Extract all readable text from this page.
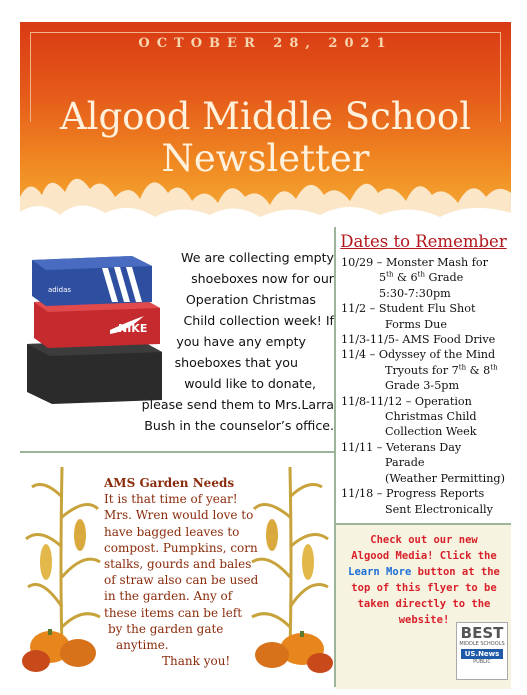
OCTOBER 28, 2021
Algood Middle School
Newsletter
NIKE
adidas
We are collecting empty
shoeboxes now for our
Operation Christmas
Child collection week! If
you have any empty
shoeboxes that you
would like to donate,
please send them to Mrs.Larra
Bush in the counselor’s office.
Dates to Remember
10/29 – Monster Mash for
5th & 6th Grade
5:30-7:30pm
11/2 – Student Flu Shot
Forms Due
11/3-11/5- AMS Food Drive
11/4 – Odyssey of the Mind
Tryouts for 7th & 8th
Grade 3-5pm
11/8-11/12 – Operation
Christmas Child
Collection Week
11/11 – Veterans Day
Parade
(Weather Permitting)
11/18 – Progress Reports
Sent Electronically
AMS Garden Needs
It is that time of year!
Mrs. Wren would love to
have bagged leaves to
compost. Pumpkins, corn
stalks, gourds and bales
of straw also can be used
in the garden. Any of
these items can be left
by the garden gate
anytime.
Thank you!
Check out our new
Algood Media! Click the
Learn More button at the
top of this flyer to be
taken directly to the
website!
BEST
MIDDLE SCHOOLS
US.News
PUBLIC
